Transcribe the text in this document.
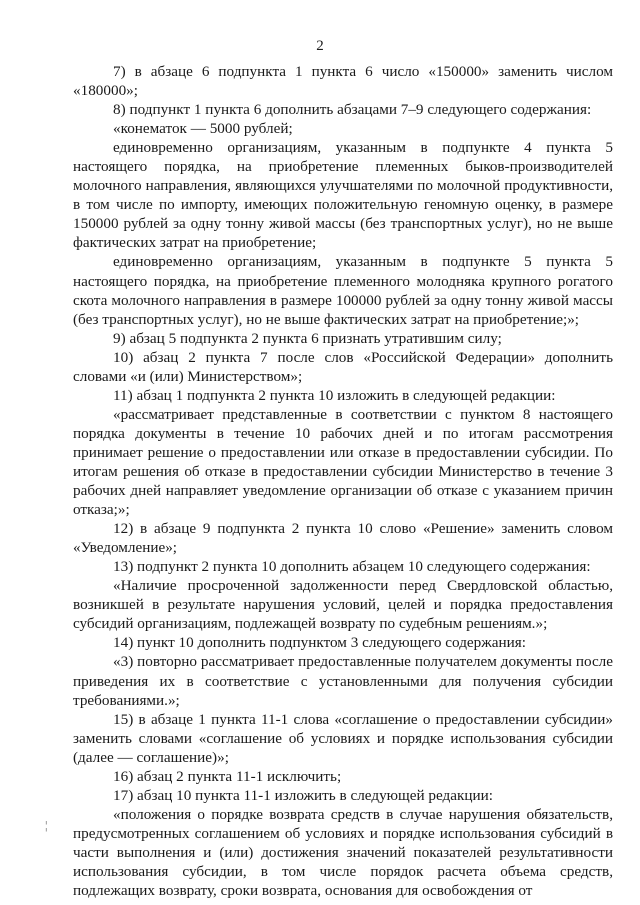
2

7) в абзаце 6 подпункта 1 пункта 6 число «150000» заменить числом «180000»;

8) подпункт 1 пункта 6 дополнить абзацами 7–9 следующего содержания:

«конематок — 5000 рублей;

единовременно организациям, указанным в подпункте 4 пункта 5 настоящего порядка, на приобретение племенных быков-производителей молочного направления, являющихся улучшателями по молочной продуктивности, в том числе по импорту, имеющих положительную геномную оценку, в размере 150000 рублей за одну тонну живой массы (без транспортных услуг), но не выше фактических затрат на приобретение;

единовременно организациям, указанным в подпункте 5 пункта 5 настоящего порядка, на приобретение племенного молодняка крупного рогатого скота молочного направления в размере 100000 рублей за одну тонну живой массы (без транспортных услуг), но не выше фактических затрат на приобретение;»;

9) абзац 5 подпункта 2 пункта 6 признать утратившим силу;

10) абзац 2 пункта 7 после слов «Российской Федерации» дополнить словами «и (или) Министерством»;

11) абзац 1 подпункта 2 пункта 10 изложить в следующей редакции:

«рассматривает представленные в соответствии с пунктом 8 настоящего порядка документы в течение 10 рабочих дней и по итогам рассмотрения принимает решение о предоставлении или отказе в предоставлении субсидии. По итогам решения об отказе в предоставлении субсидии Министерство в течение 3 рабочих дней направляет уведомление организации об отказе с указанием причин отказа;»;

12) в абзаце 9 подпункта 2 пункта 10 слово «Решение» заменить словом «Уведомление»;

13) подпункт 2 пункта 10 дополнить абзацем 10 следующего содержания:

«Наличие просроченной задолженности перед Свердловской областью, возникшей в результате нарушения условий, целей и порядка предоставления субсидий организациям, подлежащей возврату по судебным решениям.»;

14) пункт 10 дополнить подпунктом 3 следующего содержания:

«3) повторно рассматривает предоставленные получателем документы после приведения их в соответствие с установленными для получения субсидии требованиями.»;

15) в абзаце 1 пункта 11-1 слова «соглашение о предоставлении субсидии» заменить словами «соглашение об условиях и порядке использования субсидии (далее — соглашение)»;

16) абзац 2 пункта 11-1 исключить;

17) абзац 10 пункта 11-1 изложить в следующей редакции:

«положения о порядке возврата средств в случае нарушения обязательств, предусмотренных соглашением об условиях и порядке использования субсидий в части выполнения и (или) достижения значений показателей результативности использования субсидии, в том числе порядок расчета объема средств, подлежащих возврату, сроки возврата, основания для освобождения от

¦
